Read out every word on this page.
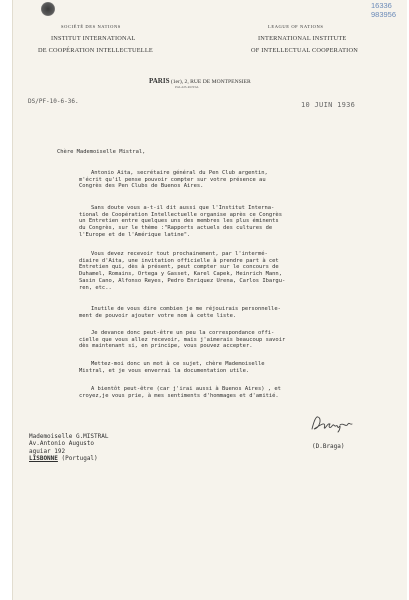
SOCIÉTÉ DES NATIONS
INSTITUT INTERNATIONAL
DE COOPÉRATION INTELLECTUELLE
LEAGUE OF NATIONS
INTERNATIONAL INSTITUTE
OF INTELLECTUAL COOPERATION
16336
983956
PARIS (1er), 2, RUE DE MONTPENSIER
PALAIS-ROYAL
DS/PF-10-6-36.	10 JUIN 1936
Chère Mademoiselle Mistral,
Antonio Aita, secrétaire général du Pen Club argentin,
m'écrit qu'il pense pouvoir compter sur votre présence au
Congrès des Pen Clubs de Buenos Aires.
Sans doute vous a-t-il dit aussi que l'Institut Interna-
tional de Coopération Intellectuelle organise après ce Congrès
un Entretien entre quelques uns des membres les plus éminents
du Congrès, sur le thème :"Rapports actuels des cultures de
l'Europe et de l'Amérique latine".
Vous devez recevoir tout prochainement, par l'intermé-
diaire d'Aita, une invitation officielle à prendre part à cet
Entretien qui, dès à présent, peut compter sur le concours de
Duhamel, Romains, Ortega y Gasset, Karel Capek, Heinrich Mann,
Sasin Cano, Alfonso Reyes, Pedro Enriquez Urena, Carlos Ibargu-
ren, etc..
Inutile de vous dire combien je me réjouirais personnelle-
ment de pouvoir ajouter votre nom à cette liste.
Je devance donc peut-être un peu la correspondance offi-
cielle que vous allez recevoir, mais j'aimerais beaucoup savoir
dès maintenant si, en principe, vous pouvez accepter.
Mettez-moi donc un mot à ce sujet, chère Mademoiselle
Mistral, et je vous enverrai la documentation utile.
A bientôt peut-être (car j'irai aussi à Buenos Aires) , et
croyez,je vous prie, à mes sentiments d'hommages et d'amitié.
(D.Braga)
Mademoiselle G.MISTRAL
Av.Antonio Augusto
aguiar 192
LISBONNE (Portugal)
